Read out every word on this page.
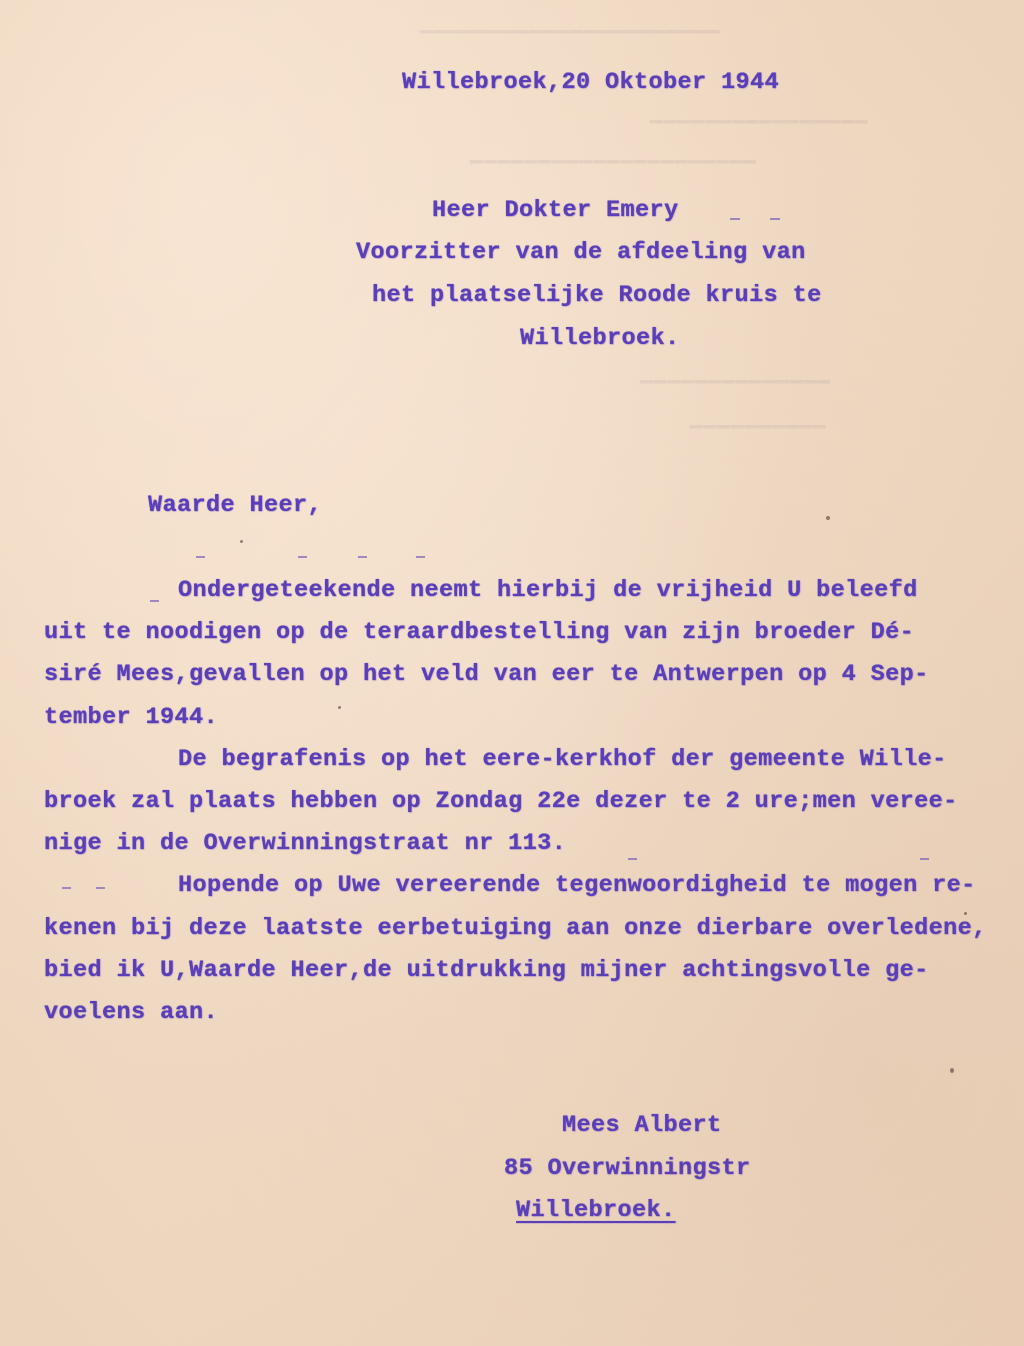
━━━━━━━━━━━━━━━━━━━━━━
━━━━━━━━━━━━━━━━
━━━━━━━━━━━━━━━━━━━━━
━━━━━━━━━━━━━━
━━━━━━━━━━
Willebroek,20 Oktober 1944
Heer Dokter Emery
Voorzitter van de afdeeling van
het plaatselijke Roode kruis te
Willebroek.
Waarde Heer,
Ondergeteekende neemt hierbij de vrijheid U beleefd
uit te noodigen op de teraardbestelling van zijn broeder Dé-
siré Mees,gevallen op het veld van eer te Antwerpen op 4 Sep-
tember 1944.
De begrafenis op het eere-kerkhof der gemeente Wille-
broek zal plaats hebben op Zondag 22e dezer te 2 ure;men veree-
nige in de Overwinningstraat nr 113.
Hopende op Uwe vereerende tegenwoordigheid te mogen re-
kenen bij deze laatste eerbetuiging aan onze dierbare overledene,
bied ik U,Waarde Heer,de uitdrukking mijner achtingsvolle ge-
voelens aan.
Mees Albert
85 Overwinningstr
Willebroek.
